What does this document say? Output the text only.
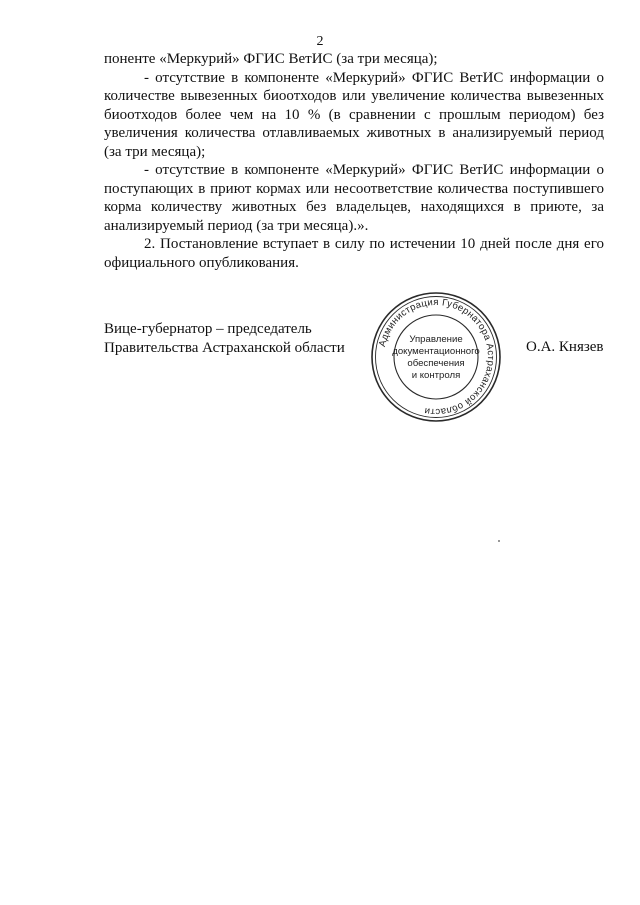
2

поненте «Меркурий» ФГИС ВетИС (за три месяца);

- отсутствие в компоненте «Меркурий» ФГИС ВетИС информации о количестве вывезенных биоотходов или увеличение количества вывезенных биоотходов более чем на 10 % (в сравнении с прошлым периодом) без увеличения количества отлавливаемых животных в анализируемый период (за три месяца);

- отсутствие в компоненте «Меркурий» ФГИС ВетИС информации о поступающих в приют кормах или несоответствие количества поступившего корма количеству животных без владельцев, находящихся в приюте, за анализируемый период (за три месяца).».

2. Постановление вступает в силу по истечении 10 дней после дня его официального опубликования.

Вице-губернатор – председатель
Правительства Астраханской области	Администрация Губернатора Астраханской области
Управление
документационного
обеспечения
и контроля
О.А. Князев
